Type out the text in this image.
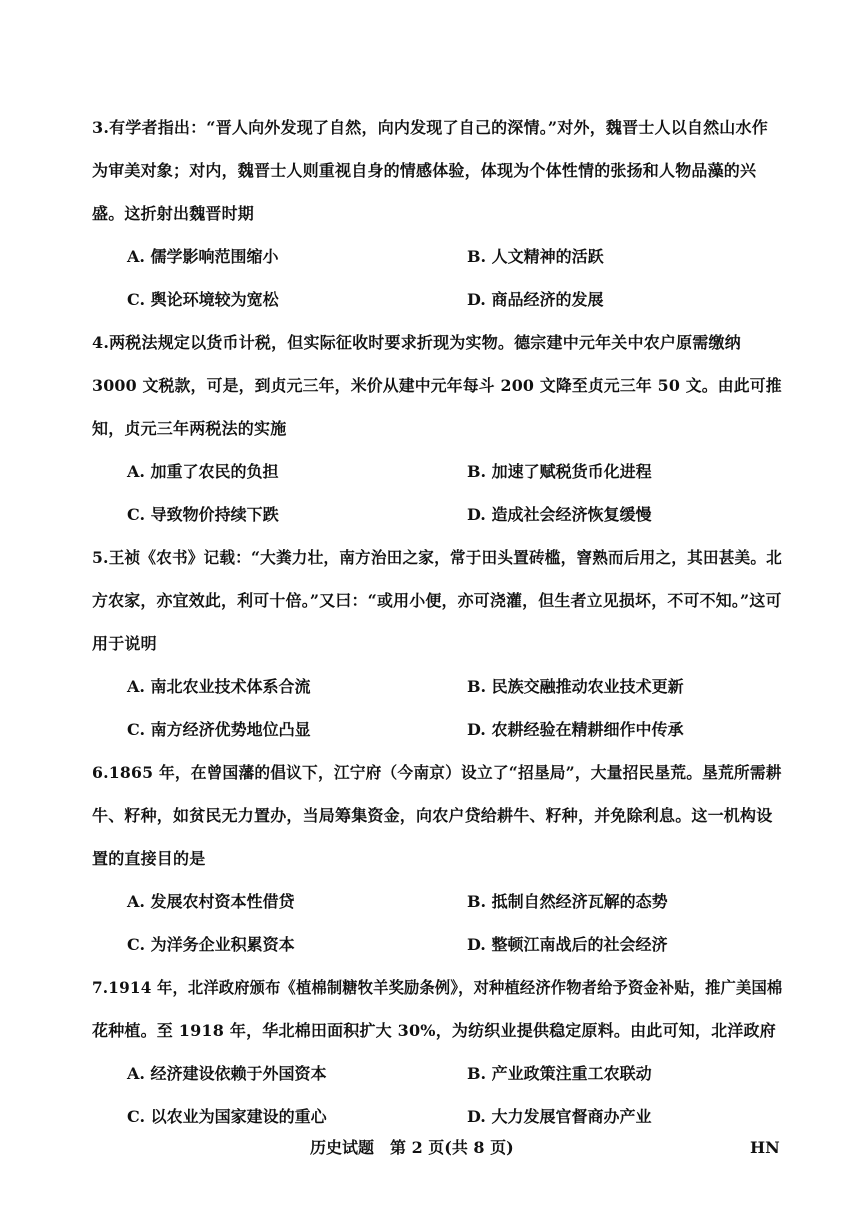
3.有学者指出：“晋人向外发现了自然，向内发现了自己的深情。”对外，魏晋士人以自然山水作
为审美对象；对内，魏晋士人则重视自身的情感体验，体现为个体性情的张扬和人物品藻的兴
盛。这折射出魏晋时期
A. 儒学影响范围缩小	B. 人文精神的活跃
C. 舆论环境较为宽松	D. 商品经济的发展
4.两税法规定以货币计税，但实际征收时要求折现为实物。德宗建中元年关中农户原需缴纳
3000 文税款，可是，到贞元三年，米价从建中元年每斗 200 文降至贞元三年 50 文。由此可推
知，贞元三年两税法的实施
A. 加重了农民的负担	B. 加速了赋税货币化进程
C. 导致物价持续下跌	D. 造成社会经济恢复缓慢
5.王祯《农书》记载：“大粪力壮，南方治田之家，常于田头置砖槛，窨熟而后用之，其田甚美。北
方农家，亦宜效此，利可十倍。”又曰：“或用小便，亦可浇灌，但生者立见损坏，不可不知。”这可
用于说明
A. 南北农业技术体系合流	B. 民族交融推动农业技术更新
C. 南方经济优势地位凸显	D. 农耕经验在精耕细作中传承
6.1865 年，在曾国藩的倡议下，江宁府（今南京）设立了“招垦局”，大量招民垦荒。垦荒所需耕
牛、籽种，如贫民无力置办，当局筹集资金，向农户贷给耕牛、籽种，并免除利息。这一机构设
置的直接目的是
A. 发展农村资本性借贷	B. 抵制自然经济瓦解的态势
C. 为洋务企业积累资本	D. 整顿江南战后的社会经济
7.1914 年，北洋政府颁布《植棉制糖牧羊奖励条例》，对种植经济作物者给予资金补贴，推广美国棉
花种植。至 1918 年，华北棉田面积扩大 30%，为纺织业提供稳定原料。由此可知，北洋政府
A. 经济建设依赖于外国资本	B. 产业政策注重工农联动
C. 以农业为国家建设的重心	D. 大力发展官督商办产业
历史试题　第 2 页(共 8 页)	HN
